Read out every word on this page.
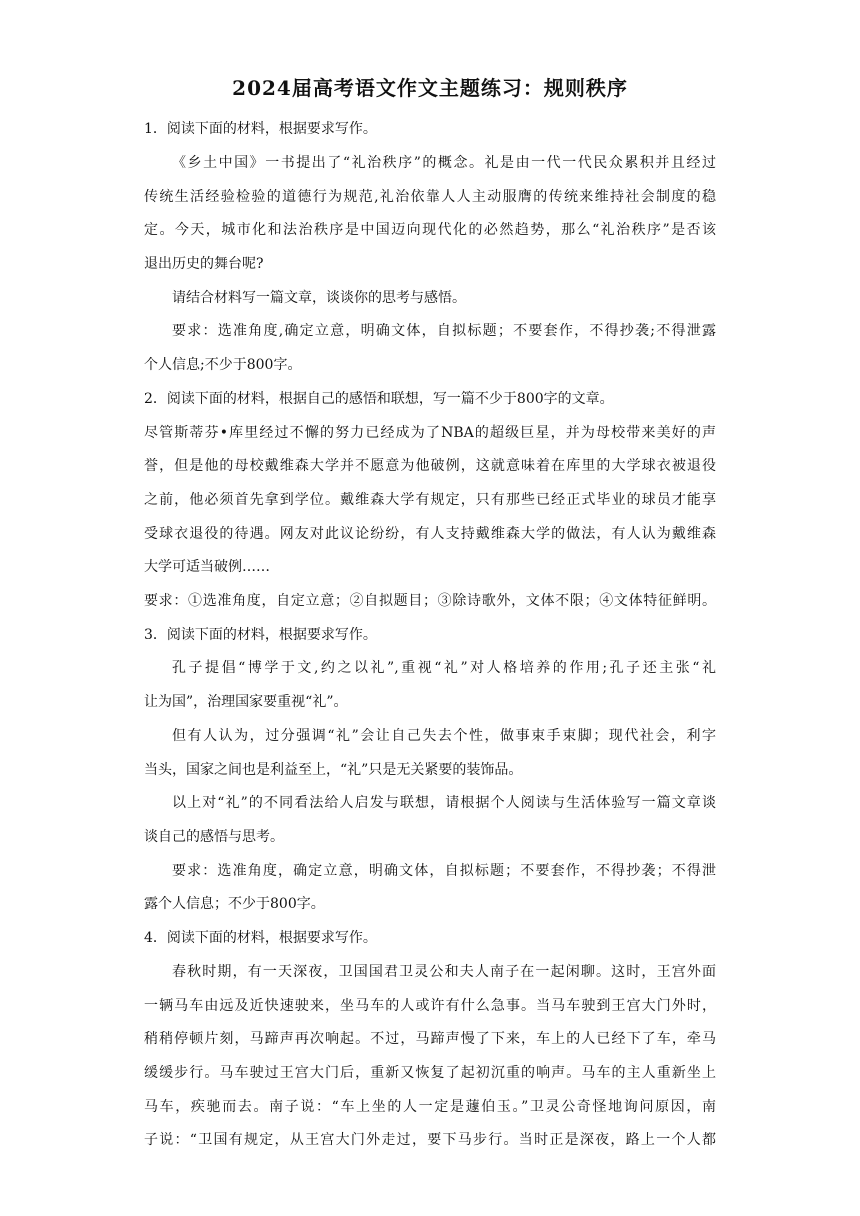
2024届高考语文作文主题练习：规则秩序
1．阅读下面的材料，根据要求写作。
《乡土中国》一书提出了“礼治秩序”的概念。礼是由一代一代民众累积并且经过
传统生活经验检验的道德行为规范,礼治依靠人人主动服膺的传统来维持社会制度的稳
定。今天，城市化和法治秩序是中国迈向现代化的必然趋势，那么“礼治秩序”是否该
退出历史的舞台呢?
请结合材料写一篇文章，谈谈你的思考与感悟。
要求：选准角度,确定立意，明确文体，自拟标题；不要套作，不得抄袭;不得泄露
个人信息;不少于800字。
2．阅读下面的材料，根据自己的感悟和联想，写一篇不少于800字的文章。
尽管斯蒂芬•库里经过不懈的努力已经成为了NBA的超级巨星，并为母校带来美好的声
誉，但是他的母校戴维森大学并不愿意为他破例，这就意味着在库里的大学球衣被退役
之前，他必须首先拿到学位。戴维森大学有规定，只有那些已经正式毕业的球员才能享
受球衣退役的待遇。网友对此议论纷纷，有人支持戴维森大学的做法，有人认为戴维森
大学可适当破例……
要求：①选准角度，自定立意；②自拟题目；③除诗歌外，文体不限；④文体特征鲜明。
3．阅读下面的材料，根据要求写作。
孔子提倡“博学于文,约之以礼”,重视“礼”对人格培养的作用;孔子还主张“礼
让为国”，治理国家要重视“礼”。
但有人认为，过分强调“礼”会让自己失去个性，做事束手束脚；现代社会，利字
当头，国家之间也是利益至上，“礼”只是无关紧要的装饰品。
以上对“礼”的不同看法给人启发与联想，请根据个人阅读与生活体验写一篇文章谈
谈自己的感悟与思考。
要求：选准角度，确定立意，明确文体，自拟标题；不要套作，不得抄袭；不得泄
露个人信息；不少于800字。
4．阅读下面的材料，根据要求写作。
春秋时期，有一天深夜，卫国国君卫灵公和夫人南子在一起闲聊。这时，王宫外面
一辆马车由远及近快速驶来，坐马车的人或许有什么急事。当马车驶到王宫大门外时，
稍稍停顿片刻，马蹄声再次响起。不过，马蹄声慢了下来，车上的人已经下了车，牵马
缓缓步行。马车驶过王宫大门后，重新又恢复了起初沉重的响声。马车的主人重新坐上
马车，疾驰而去。南子说：“车上坐的人一定是蘧伯玉。”卫灵公奇怪地询问原因，南
子说：“卫国有规定，从王宫大门外走过，要下马步行。当时正是深夜，路上一个人都
